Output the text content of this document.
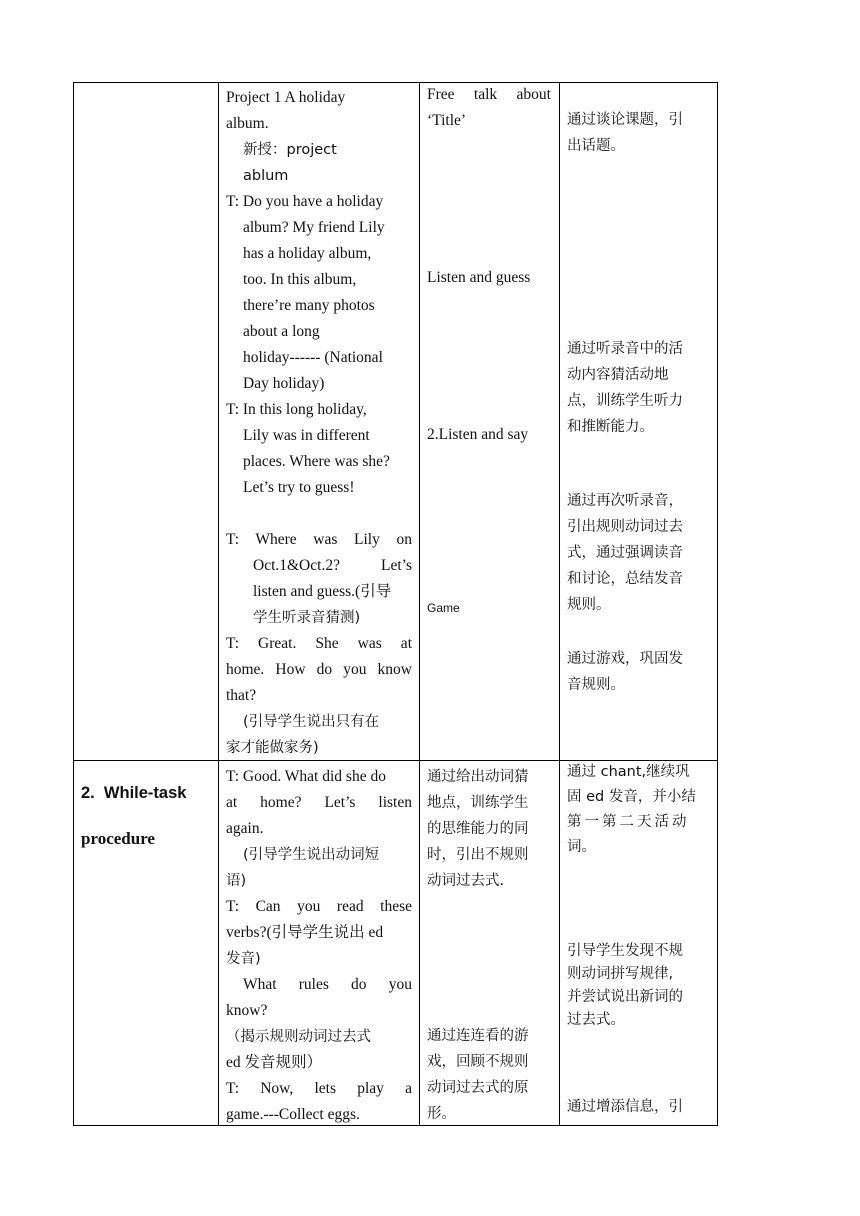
Project 1 A holiday

album.

新授：project ablum

T: Do you have a holiday

album? My friend Lily

has a holiday album,

too. In this album,

there’re many photos

about a long

holiday------ (National

Day holiday)

T: In this long holiday,

Lily was in different

places. Where was she?

Let’s try to guess!

T: Where was Lily on

Oct.1&Oct.2? Let’s

listen and guess.(引导

学生听录音猜测)

T: Great. She was at

home. How do you know

that?

(引导学生说出只有在

家才能做家务)

Free talk about

‘Title’

Listen and guess
2.Listen and say
Game

通过谈论课题，引

出话题。

通过听录音中的活

动内容猜活动地

点，训练学生听力

和推断能力。

通过再次听录音，

引出规则动词过去

式，通过强调读音

和讨论，总结发音

规则。

通过游戏，巩固发

音规则。

2.  While-task

procedure

T: Good. What did she do

at home? Let’s listen

again.

(引导学生说出动词短

语)

T: Can you read these

verbs?(引导学生说出 ed

发音)

What rules do you

know?

（揭示规则动词过去式

ed 发音规则）

T: Now, lets play a

game.---Collect eggs.

通过给出动词猜

地点，训练学生

的思维能力的同

时，引出不规则

动词过去式.

通过连连看的游

戏，回顾不规则

动词过去式的原

形。

通过 chant,继续巩

固 ed 发音，并小结

第一第二天活动

词。

引导学生发现不规

则动词拼写规律,

并尝试说出新词的

过去式。

通过增添信息，引
